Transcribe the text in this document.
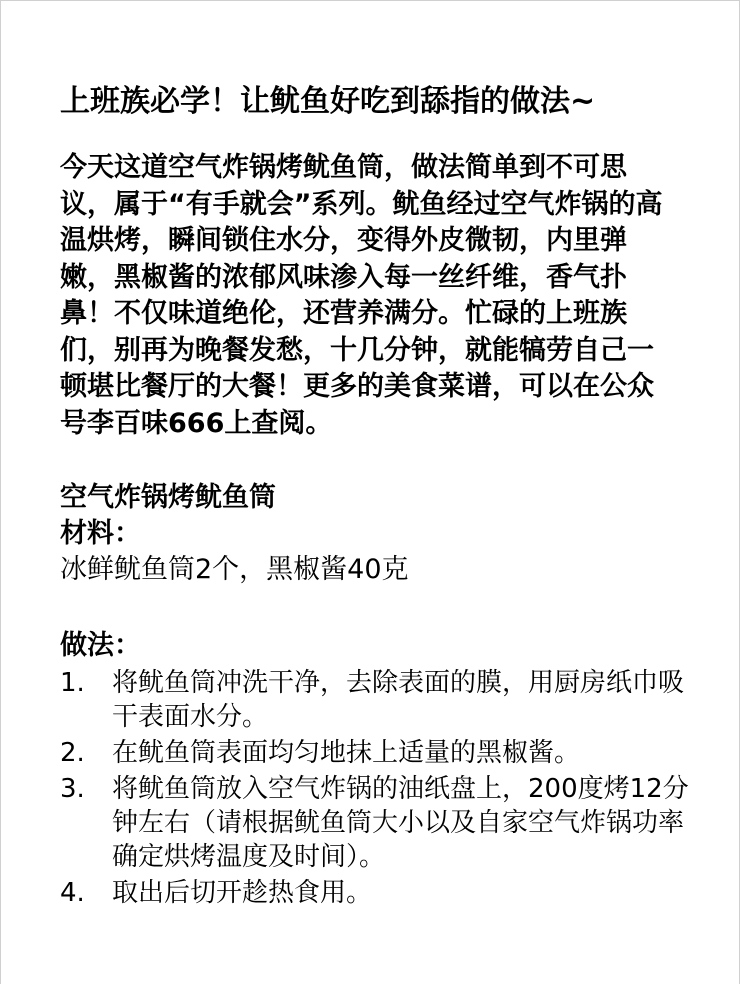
上班族必学！让鱿鱼好吃到舔指的做法~

今天这道空气炸锅烤鱿鱼筒，做法简单到不可思议，属于“有手就会”系列。鱿鱼经过空气炸锅的高温烘烤，瞬间锁住水分，变得外皮微韧，内里弹嫩，黑椒酱的浓郁风味渗入每一丝纤维，香气扑鼻！不仅味道绝伦，还营养满分。忙碌的上班族们，别再为晚餐发愁，十几分钟，就能犒劳自己一顿堪比餐厅的大餐！更多的美食菜谱，可以在公众号李百味666上查阅。

空气炸锅烤鱿鱼筒
材料：
冰鲜鱿鱼筒2个，黑椒酱40克
做法：
1.	将鱿鱼筒冲洗干净，去除表面的膜，用厨房纸巾吸干表面水分。
2.	在鱿鱼筒表面均匀地抹上适量的黑椒酱。
3.	将鱿鱼筒放入空气炸锅的油纸盘上，200度烤12分钟左右（请根据鱿鱼筒大小以及自家空气炸锅功率确定烘烤温度及时间）。
4.	取出后切开趁热食用。
